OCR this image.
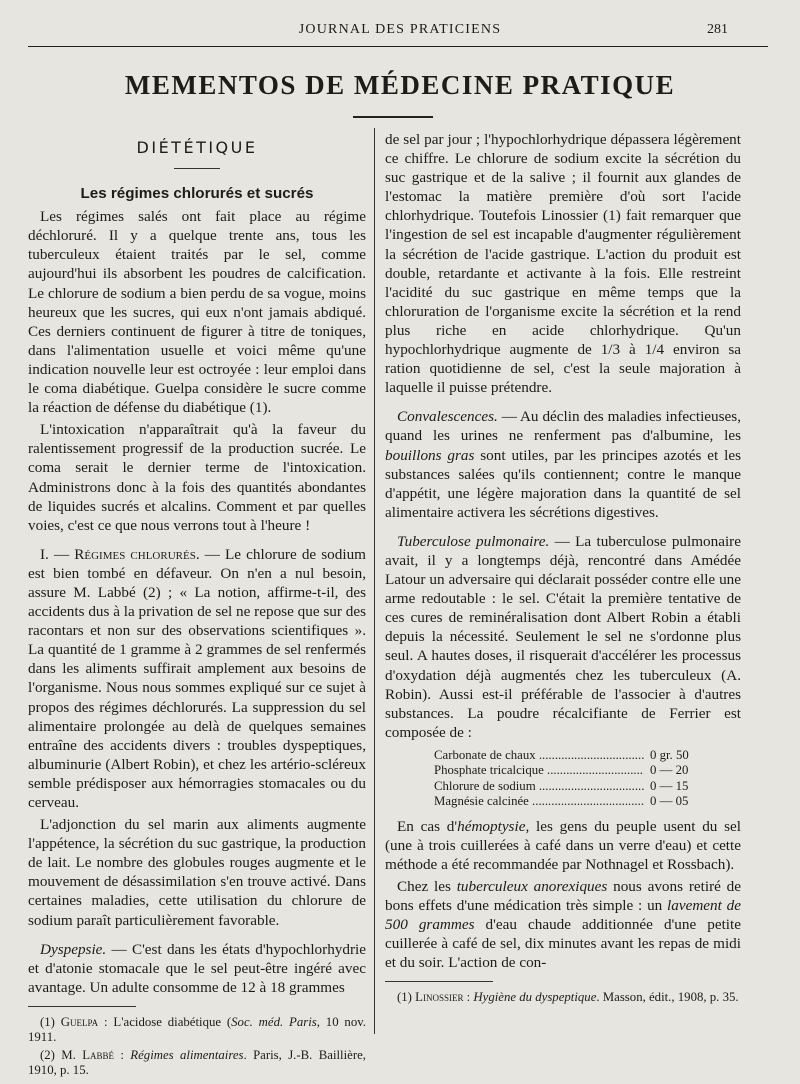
JOURNAL DES PRATICIENS	281
MEMENTOS DE MÉDECINE PRATIQUE
DIÉTÉTIQUE
Les régimes chlorurés et sucrés

Les régimes salés ont fait place au régime déchloruré. Il y a quelque trente ans, tous les tuberculeux étaient traités par le sel, comme aujourd'hui ils absorbent les poudres de calcification. Le chlorure de sodium a bien perdu de sa vogue, moins heureux que les sucres, qui eux n'ont jamais abdiqué. Ces derniers continuent de figurer à titre de toniques, dans l'alimentation usuelle et voici même qu'une indication nouvelle leur est octroyée : leur emploi dans le coma diabétique. Guelpa considère le sucre comme la réaction de défense du diabétique (1).

L'intoxication n'apparaîtrait qu'à la faveur du ralentissement progressif de la production sucrée. Le coma serait le dernier terme de l'intoxication. Administrons donc à la fois des quantités abondantes de liquides sucrés et alcalins. Comment et par quelles voies, c'est ce que nous verrons tout à l'heure !

I. — Régimes chlorurés. — Le chlorure de sodium est bien tombé en défaveur. On n'en a nul besoin, assure M. Labbé (2) ; « La notion, affirme-t-il, des accidents dus à la privation de sel ne repose que sur des racontars et non sur des observations scientifiques ». La quantité de 1 gramme à 2 grammes de sel renfermés dans les aliments suffirait amplement aux besoins de l'organisme. Nous nous sommes expliqué sur ce sujet à propos des régimes déchlorurés. La suppression du sel alimentaire prolongée au delà de quelques semaines entraîne des accidents divers : troubles dyspeptiques, albuminurie (Albert Robin), et chez les artério-scléreux semble prédisposer aux hémorragies stomacales ou du cerveau.

L'adjonction du sel marin aux aliments augmente l'appétence, la sécrétion du suc gastrique, la production de lait. Le nombre des globules rouges augmente et le mouvement de désassimilation s'en trouve activé. Dans certaines maladies, cette utilisation du chlorure de sodium paraît particulièrement favorable.

Dyspepsie. — C'est dans les états d'hypochlorhydrie et d'atonie stomacale que le sel peut-être ingéré avec avantage. Un adulte consomme de 12 à 18 grammes

(1) Guelpa : L'acidose diabétique (Soc. méd. Paris, 10 nov. 1911.

(2) M. Labbé : Régimes alimentaires. Paris, J.-B. Baillière, 1910, p. 15.

de sel par jour ; l'hypochlorhydrique dépassera légèrement ce chiffre. Le chlorure de sodium excite la sécrétion du suc gastrique et de la salive ; il fournit aux glandes de l'estomac la matière première d'où sort l'acide chlorhydrique. Toutefois Linossier (1) fait remarquer que l'ingestion de sel est incapable d'augmenter régulièrement la sécrétion de l'acide gastrique. L'action du produit est double, retardante et activante à la fois. Elle restreint l'acidité du suc gastrique en même temps que la chloruration de l'organisme excite la sécrétion et la rend plus riche en acide chlorhydrique. Qu'un hypochlorhydrique augmente de 1/3 à 1/4 environ sa ration quotidienne de sel, c'est la seule majoration à laquelle il puisse prétendre.

Convalescences. — Au déclin des maladies infectieuses, quand les urines ne renferment pas d'albumine, les bouillons gras sont utiles, par les principes azotés et les substances salées qu'ils contiennent; contre le manque d'appétit, une légère majoration dans la quantité de sel alimentaire activera les sécrétions digestives.

Tuberculose pulmonaire. — La tuberculose pulmonaire avait, il y a longtemps déjà, rencontré dans Amédée Latour un adversaire qui déclarait posséder contre elle une arme redoutable : le sel. C'était la première tentative de ces cures de reminéralisation dont Albert Robin a établi depuis la nécessité. Seulement le sel ne s'ordonne plus seul. A hautes doses, il risquerait d'accélérer les processus d'oxydation déjà augmentés chez les tuberculeux (A. Robin). Aussi est-il préférable de l'associer à d'autres substances. La poudre récalcifiante de Ferrier est composée de :

Carbonate de chaux .....	0 gr. 50
Phosphate tricalcique .....	0 — 20
Chlorure de sodium .....	0 — 15
Magnésie calcinée .....	0 — 05

En cas d'hémoptysie, les gens du peuple usent du sel (une à trois cuillerées à café dans un verre d'eau) et cette méthode a été recommandée par Nothnagel et Rossbach).

Chez les tuberculeux anorexiques nous avons retiré de bons effets d'une médication très simple : un lavement de 500 grammes d'eau chaude additionnée d'une petite cuillerée à café de sel, dix minutes avant les repas de midi et du soir. L'action de con-

(1) Linossier : Hygiène du dyspeptique. Masson, édit., 1908, p. 35.
